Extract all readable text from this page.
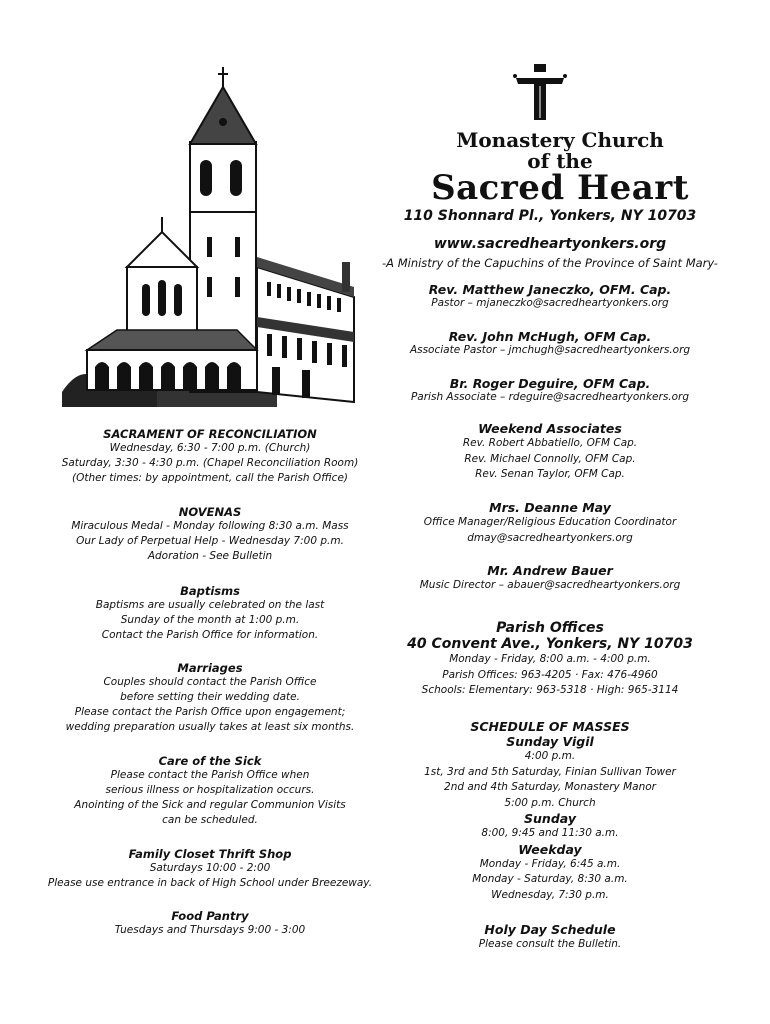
Monastery Church
of the
Sacred Heart
110 Shonnard Pl., Yonkers, NY 10703
www.sacredheartyonkers.org
-A Ministry of the Capuchins of the Province of Saint Mary-
Rev. Matthew Janeczko, OFM. Cap.
Pastor – mjaneczko@sacredheartyonkers.org
Rev. John McHugh, OFM Cap.
Associate Pastor – jmchugh@sacredheartyonkers.org
Br. Roger Deguire, OFM Cap.
Parish Associate – rdeguire@sacredheartyonkers.org
Weekend Associates
Rev. Robert Abbatiello, OFM Cap.
Rev. Michael Connolly, OFM Cap.
Rev. Senan Taylor, OFM Cap.
Mrs. Deanne May
Office Manager/Religious Education Coordinator
dmay@sacredheartyonkers.org
Mr. Andrew Bauer
Music Director – abauer@sacredheartyonkers.org
Parish Offices
40 Convent Ave., Yonkers, NY 10703
Monday - Friday, 8:00 a.m. - 4:00 p.m.
Parish Offices: 963-4205 · Fax: 476-4960
Schools: Elementary: 963-5318 · High: 965-3114
SCHEDULE OF MASSES
Sunday Vigil
4:00 p.m.
1st, 3rd and 5th Saturday, Finian Sullivan Tower
2nd and 4th Saturday, Monastery Manor
5:00 p.m. Church
Sunday
8:00, 9:45 and 11:30 a.m.
Weekday
Monday - Friday, 6:45 a.m.
Monday - Saturday, 8:30 a.m.
Wednesday, 7:30 p.m.
Holy Day Schedule
Please consult the Bulletin.
SACRAMENT OF RECONCILIATION
Wednesday, 6:30 - 7:00 p.m. (Church)
Saturday, 3:30 - 4:30 p.m. (Chapel Reconciliation Room)
(Other times: by appointment, call the Parish Office)
NOVENAS
Miraculous Medal - Monday following 8:30 a.m. Mass
Our Lady of Perpetual Help - Wednesday 7:00 p.m.
Adoration - See Bulletin
Baptisms
Baptisms are usually celebrated on the last
Sunday of the month at 1:00 p.m.
Contact the Parish Office for information.
Marriages
Couples should contact the Parish Office
before setting their wedding date.
Please contact the Parish Office upon engagement;
wedding preparation usually takes at least six months.
Care of the Sick
Please contact the Parish Office when
serious illness or hospitalization occurs.
Anointing of the Sick and regular Communion Visits
can be scheduled.
Family Closet Thrift Shop
Saturdays 10:00 - 2:00
Please use entrance in back of High School under Breezeway.
Food Pantry
Tuesdays and Thursdays 9:00 - 3:00
